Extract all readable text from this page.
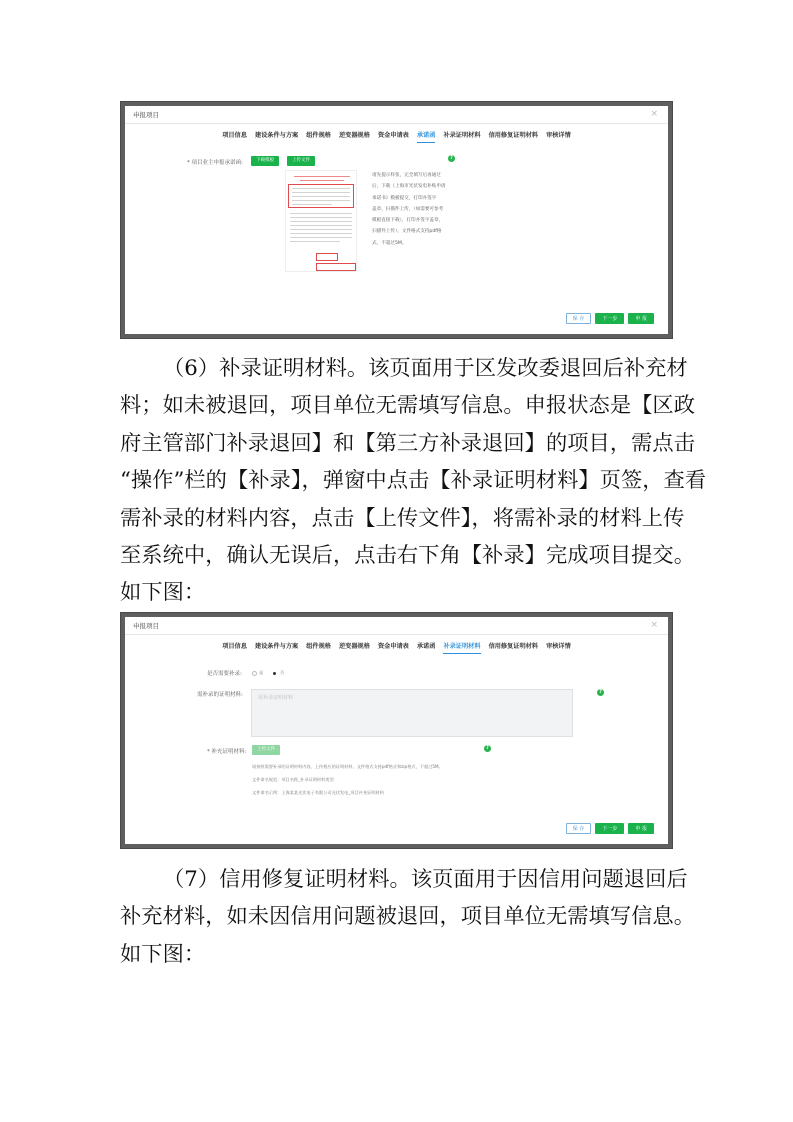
申报项目	×
项目信息 建设条件与方案 组件规格 逆变器规格 资金申请表 承诺函 补录证明材料 信用修复证明材料 审核详情
* 项目业主申报承诺函:	下载模板	上传文件	?
请先提示样张，完全填写后再通过
后，下载《上海市光伏发电补贴申请
承诺书》模板提交，打印并签字
盖章，扫描件上传，（如需要可参考
模板直接下载），打印并签字盖章，
扫描件上传），文件格式支持pdf格
式，不超过5M。
保 存	下一步	申 报
（6）补录证明材料。该页面用于区发改委退回后补充材
料；如未被退回，项目单位无需填写信息。申报状态是【区政
府主管部门补录退回】和【第三方补录退回】的项目，需点击
“操作”栏的【补录】，弹窗中点击【补录证明材料】页签，查看
需补录的材料内容，点击【上传文件】，将需补录的材料上传
至系统中，确认无误后，点击右下角【补录】完成项目提交。
如下图：
申报项目	×
项目信息 建设条件与方案 组件规格 逆变器规格 资金申请表 承诺函 补录证明材料 信用修复证明材料 审核详情
是否需要补录:	是	否
需补录的证明材料:	需补录证明材料
?
* 补充证明材料:	上传文件	?
请按照需要补录的证明材料内容，上传相应的证明材料，文件格式支持pdf格式和zip格式，不超过5M。
文件命名规范：项目名称_补录证明材料类型
文件命名示例：上海某某光伏电子有限公司光伏发电_项目补充证明材料
保 存	下一步	申 报
（7）信用修复证明材料。该页面用于因信用问题退回后
补充材料，如未因信用问题被退回，项目单位无需填写信息。
如下图：
